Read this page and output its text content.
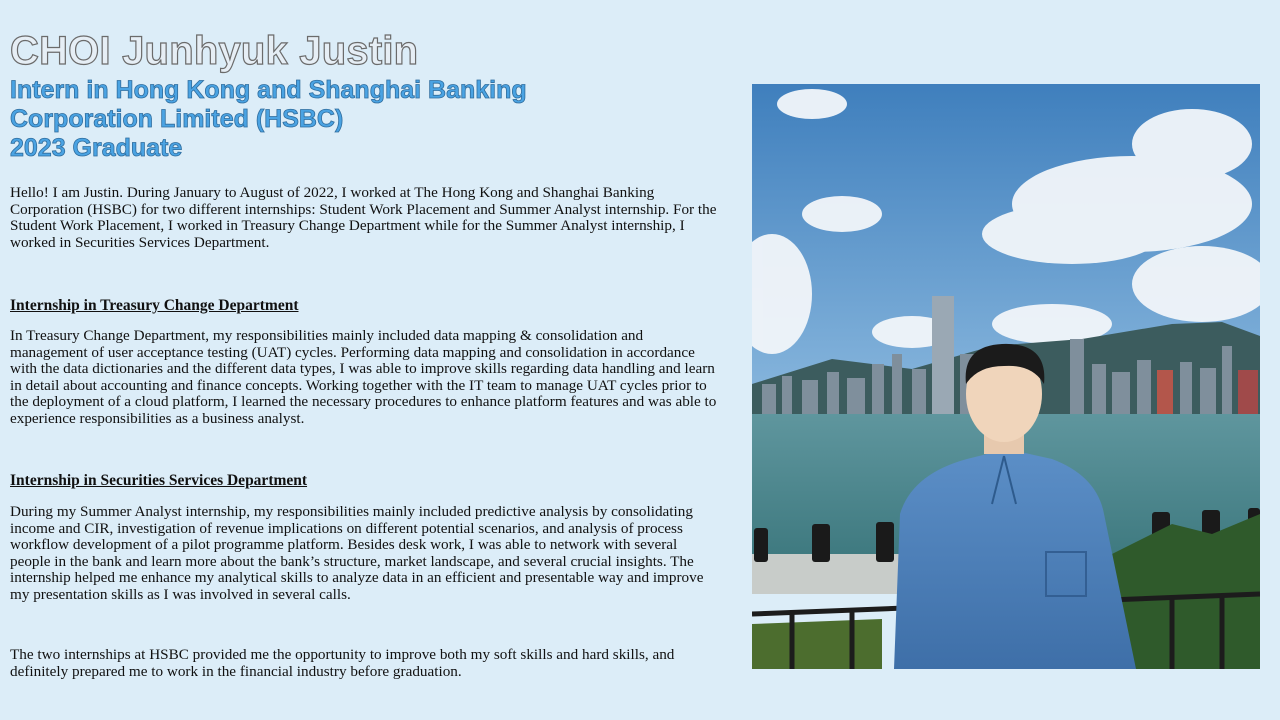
CHOI Junhyuk Justin
Intern in Hong Kong and Shanghai Banking
Corporation Limited (HSBC)
2023 Graduate

Hello! I am Justin. During January to August of 2022, I worked at The Hong Kong and Shanghai Banking Corporation (HSBC) for two different internships: Student Work Placement and Summer Analyst internship. For the Student Work Placement, I worked in Treasury Change Department while for the Summer Analyst internship, I worked in Securities Services Department.

Internship in Treasury Change Department

In Treasury Change Department, my responsibilities mainly included data mapping & consolidation and management of user acceptance testing (UAT) cycles. Performing data mapping and consolidation in accordance with the data dictionaries and the different data types, I was able to improve skills regarding data handling and learn in detail about accounting and finance concepts. Working together with the IT team to manage UAT cycles prior to the deployment of a cloud platform, I learned the necessary procedures to enhance platform features and was able to experience responsibilities as a business analyst.

Internship in Securities Services Department

During my Summer Analyst internship, my responsibilities mainly included predictive analysis by consolidating income and CIR, investigation of revenue implications on different potential scenarios, and analysis of process workflow development of a pilot programme platform. Besides desk work, I was able to network with several people in the bank and learn more about the bank’s structure, market landscape, and several crucial insights. The internship helped me enhance my analytical skills to analyze data in an efficient and presentable way and improve my presentation skills as I was involved in several calls.

The two internships at HSBC provided me the opportunity to improve both my soft skills and hard skills, and definitely prepared me to work in the financial industry before graduation.
